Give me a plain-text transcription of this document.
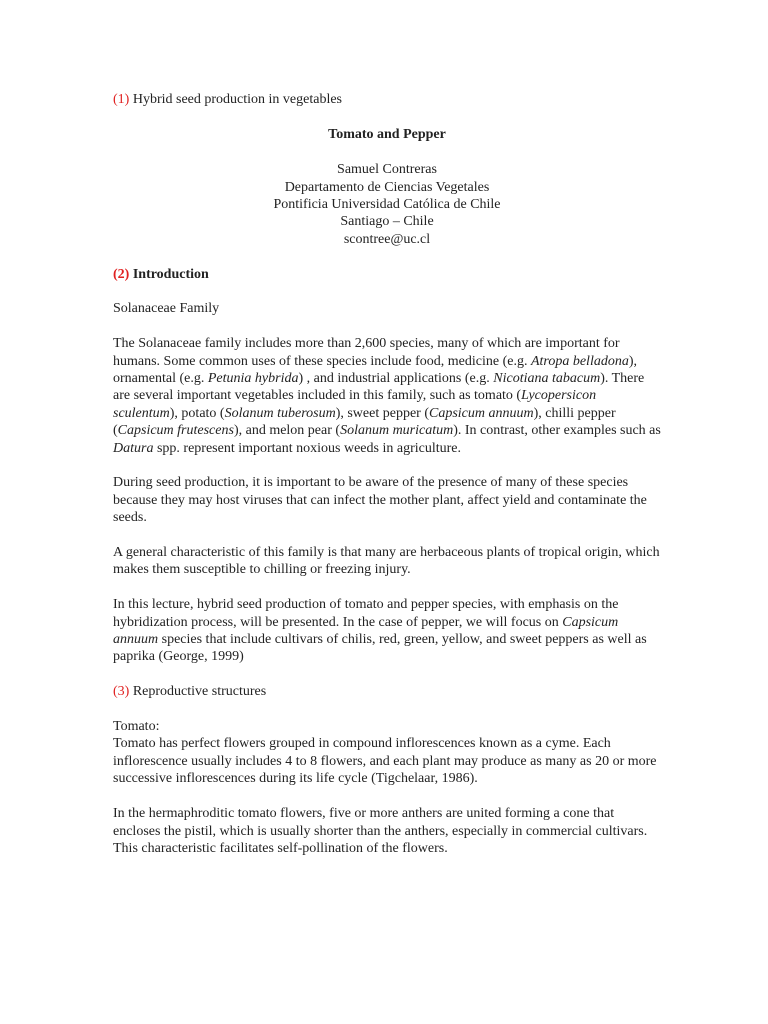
(1) Hybrid seed production in vegetables

Tomato and Pepper

Samuel Contreras

Departamento de Ciencias Vegetales

Pontificia Universidad Católica de Chile

Santiago – Chile

scontree@uc.cl

(2) Introduction

Solanaceae Family

The Solanaceae family includes more than 2,600 species, many of which are important for humans. Some common uses of these species include food, medicine (e.g. Atropa belladona), ornamental (e.g. Petunia hybrida) , and industrial applications (e.g. Nicotiana tabacum). There are several important vegetables included in this family, such as tomato (Lycopersicon sculentum), potato (Solanum tuberosum), sweet pepper (Capsicum annuum), chilli pepper (Capsicum frutescens), and melon pear (Solanum muricatum). In contrast, other examples such as Datura spp. represent important noxious weeds in agriculture.

During seed production, it is important to be aware of the presence of many of these species because they may host viruses that can infect the mother plant, affect yield and contaminate the seeds.

A general characteristic of this family is that many are herbaceous plants of tropical origin, which makes them susceptible to chilling or freezing injury.

In this lecture, hybrid seed production of tomato and pepper species, with emphasis on the hybridization process, will be presented. In the case of pepper, we will focus on Capsicum annuum species that include cultivars of chilis, red, green, yellow, and sweet peppers as well as paprika (George, 1999)

(3) Reproductive structures

Tomato:

Tomato has perfect flowers grouped in compound inflorescences known as a cyme. Each inflorescence usually includes 4 to 8 flowers, and each plant may produce as many as 20 or more successive inflorescences during its life cycle (Tigchelaar, 1986).

In the hermaphroditic tomato flowers, five or more anthers are united forming a cone that encloses the pistil, which is usually shorter than the anthers, especially in commercial cultivars. This characteristic facilitates self-pollination of the flowers.
